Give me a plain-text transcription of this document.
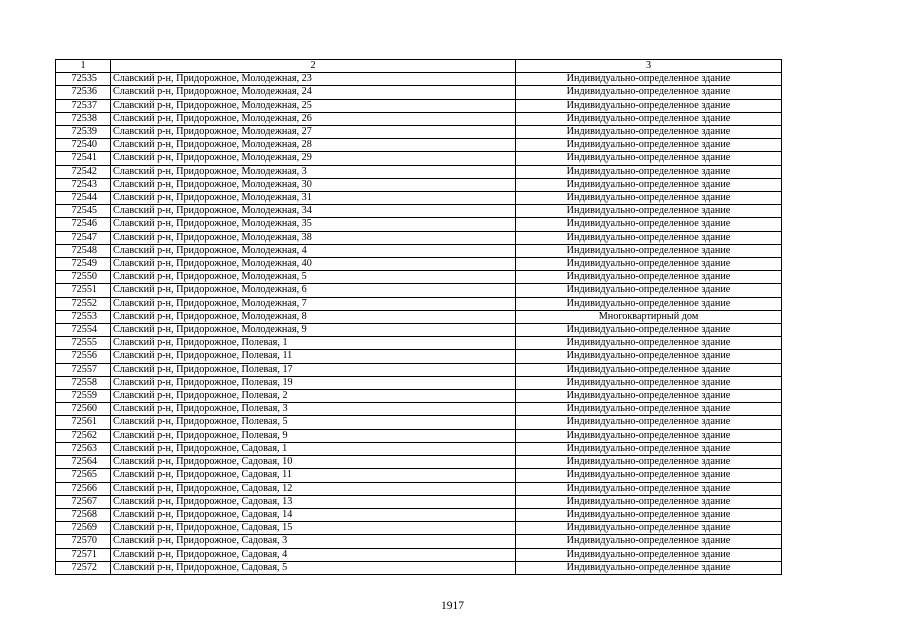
1	2	3
72535	Славский р-н, Придорожное, Молодежная, 23	Индивидуально-определенное здание
72536	Славский р-н, Придорожное, Молодежная, 24	Индивидуально-определенное здание
72537	Славский р-н, Придорожное, Молодежная, 25	Индивидуально-определенное здание
72538	Славский р-н, Придорожное, Молодежная, 26	Индивидуально-определенное здание
72539	Славский р-н, Придорожное, Молодежная, 27	Индивидуально-определенное здание
72540	Славский р-н, Придорожное, Молодежная, 28	Индивидуально-определенное здание
72541	Славский р-н, Придорожное, Молодежная, 29	Индивидуально-определенное здание
72542	Славский р-н, Придорожное, Молодежная, 3	Индивидуально-определенное здание
72543	Славский р-н, Придорожное, Молодежная, 30	Индивидуально-определенное здание
72544	Славский р-н, Придорожное, Молодежная, 31	Индивидуально-определенное здание
72545	Славский р-н, Придорожное, Молодежная, 34	Индивидуально-определенное здание
72546	Славский р-н, Придорожное, Молодежная, 35	Индивидуально-определенное здание
72547	Славский р-н, Придорожное, Молодежная, 38	Индивидуально-определенное здание
72548	Славский р-н, Придорожное, Молодежная, 4	Индивидуально-определенное здание
72549	Славский р-н, Придорожное, Молодежная, 40	Индивидуально-определенное здание
72550	Славский р-н, Придорожное, Молодежная, 5	Индивидуально-определенное здание
72551	Славский р-н, Придорожное, Молодежная, 6	Индивидуально-определенное здание
72552	Славский р-н, Придорожное, Молодежная, 7	Индивидуально-определенное здание
72553	Славский р-н, Придорожное, Молодежная, 8	Многоквартирный дом
72554	Славский р-н, Придорожное, Молодежная, 9	Индивидуально-определенное здание
72555	Славский р-н, Придорожное, Полевая, 1	Индивидуально-определенное здание
72556	Славский р-н, Придорожное, Полевая, 11	Индивидуально-определенное здание
72557	Славский р-н, Придорожное, Полевая, 17	Индивидуально-определенное здание
72558	Славский р-н, Придорожное, Полевая, 19	Индивидуально-определенное здание
72559	Славский р-н, Придорожное, Полевая, 2	Индивидуально-определенное здание
72560	Славский р-н, Придорожное, Полевая, 3	Индивидуально-определенное здание
72561	Славский р-н, Придорожное, Полевая, 5	Индивидуально-определенное здание
72562	Славский р-н, Придорожное, Полевая, 9	Индивидуально-определенное здание
72563	Славский р-н, Придорожное, Садовая, 1	Индивидуально-определенное здание
72564	Славский р-н, Придорожное, Садовая, 10	Индивидуально-определенное здание
72565	Славский р-н, Придорожное, Садовая, 11	Индивидуально-определенное здание
72566	Славский р-н, Придорожное, Садовая, 12	Индивидуально-определенное здание
72567	Славский р-н, Придорожное, Садовая, 13	Индивидуально-определенное здание
72568	Славский р-н, Придорожное, Садовая, 14	Индивидуально-определенное здание
72569	Славский р-н, Придорожное, Садовая, 15	Индивидуально-определенное здание
72570	Славский р-н, Придорожное, Садовая, 3	Индивидуально-определенное здание
72571	Славский р-н, Придорожное, Садовая, 4	Индивидуально-определенное здание
72572	Славский р-н, Придорожное, Садовая, 5	Индивидуально-определенное здание
1917
